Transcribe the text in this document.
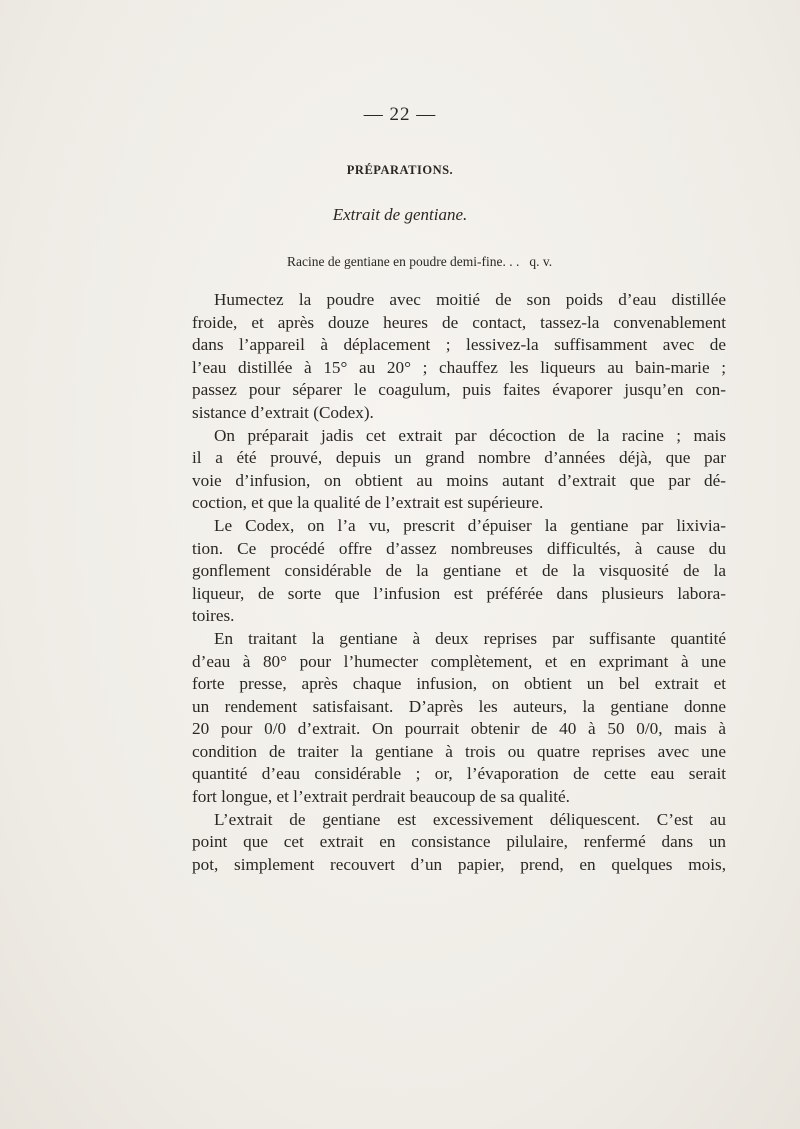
— 22 —
PRÉPARATIONS.
Extrait de gentiane.
Racine de gentiane en poudre demi-fine. . . q. v.
Humectez la poudre avec moitié de son poids d’eau distillée
froide, et après douze heures de contact, tassez-la convenablement
dans l’appareil à déplacement ; lessivez-la suffisamment avec de
l’eau distillée à 15° au 20° ; chauffez les liqueurs au bain-marie ;
passez pour séparer le coagulum, puis faites évaporer jusqu’en con-
sistance d’extrait (Codex).
On préparait jadis cet extrait par décoction de la racine ; mais
il a été prouvé, depuis un grand nombre d’années déjà, que par
voie d’infusion, on obtient au moins autant d’extrait que par dé-
coction, et que la qualité de l’extrait est supérieure.
Le Codex, on l’a vu, prescrit d’épuiser la gentiane par lixivia-
tion. Ce procédé offre d’assez nombreuses difficultés, à cause du
gonflement considérable de la gentiane et de la visquosité de la
liqueur, de sorte que l’infusion est préférée dans plusieurs labora-
toires.
En traitant la gentiane à deux reprises par suffisante quantité
d’eau à 80° pour l’humecter complètement, et en exprimant à une
forte presse, après chaque infusion, on obtient un bel extrait et
un rendement satisfaisant. D’après les auteurs, la gentiane donne
20 pour 0/0 d’extrait. On pourrait obtenir de 40 à 50 0/0, mais à
condition de traiter la gentiane à trois ou quatre reprises avec une
quantité d’eau considérable ; or, l’évaporation de cette eau serait
fort longue, et l’extrait perdrait beaucoup de sa qualité.
L’extrait de gentiane est excessivement déliquescent. C’est au
point que cet extrait en consistance pilulaire, renfermé dans un
pot, simplement recouvert d’un papier, prend, en quelques mois,
